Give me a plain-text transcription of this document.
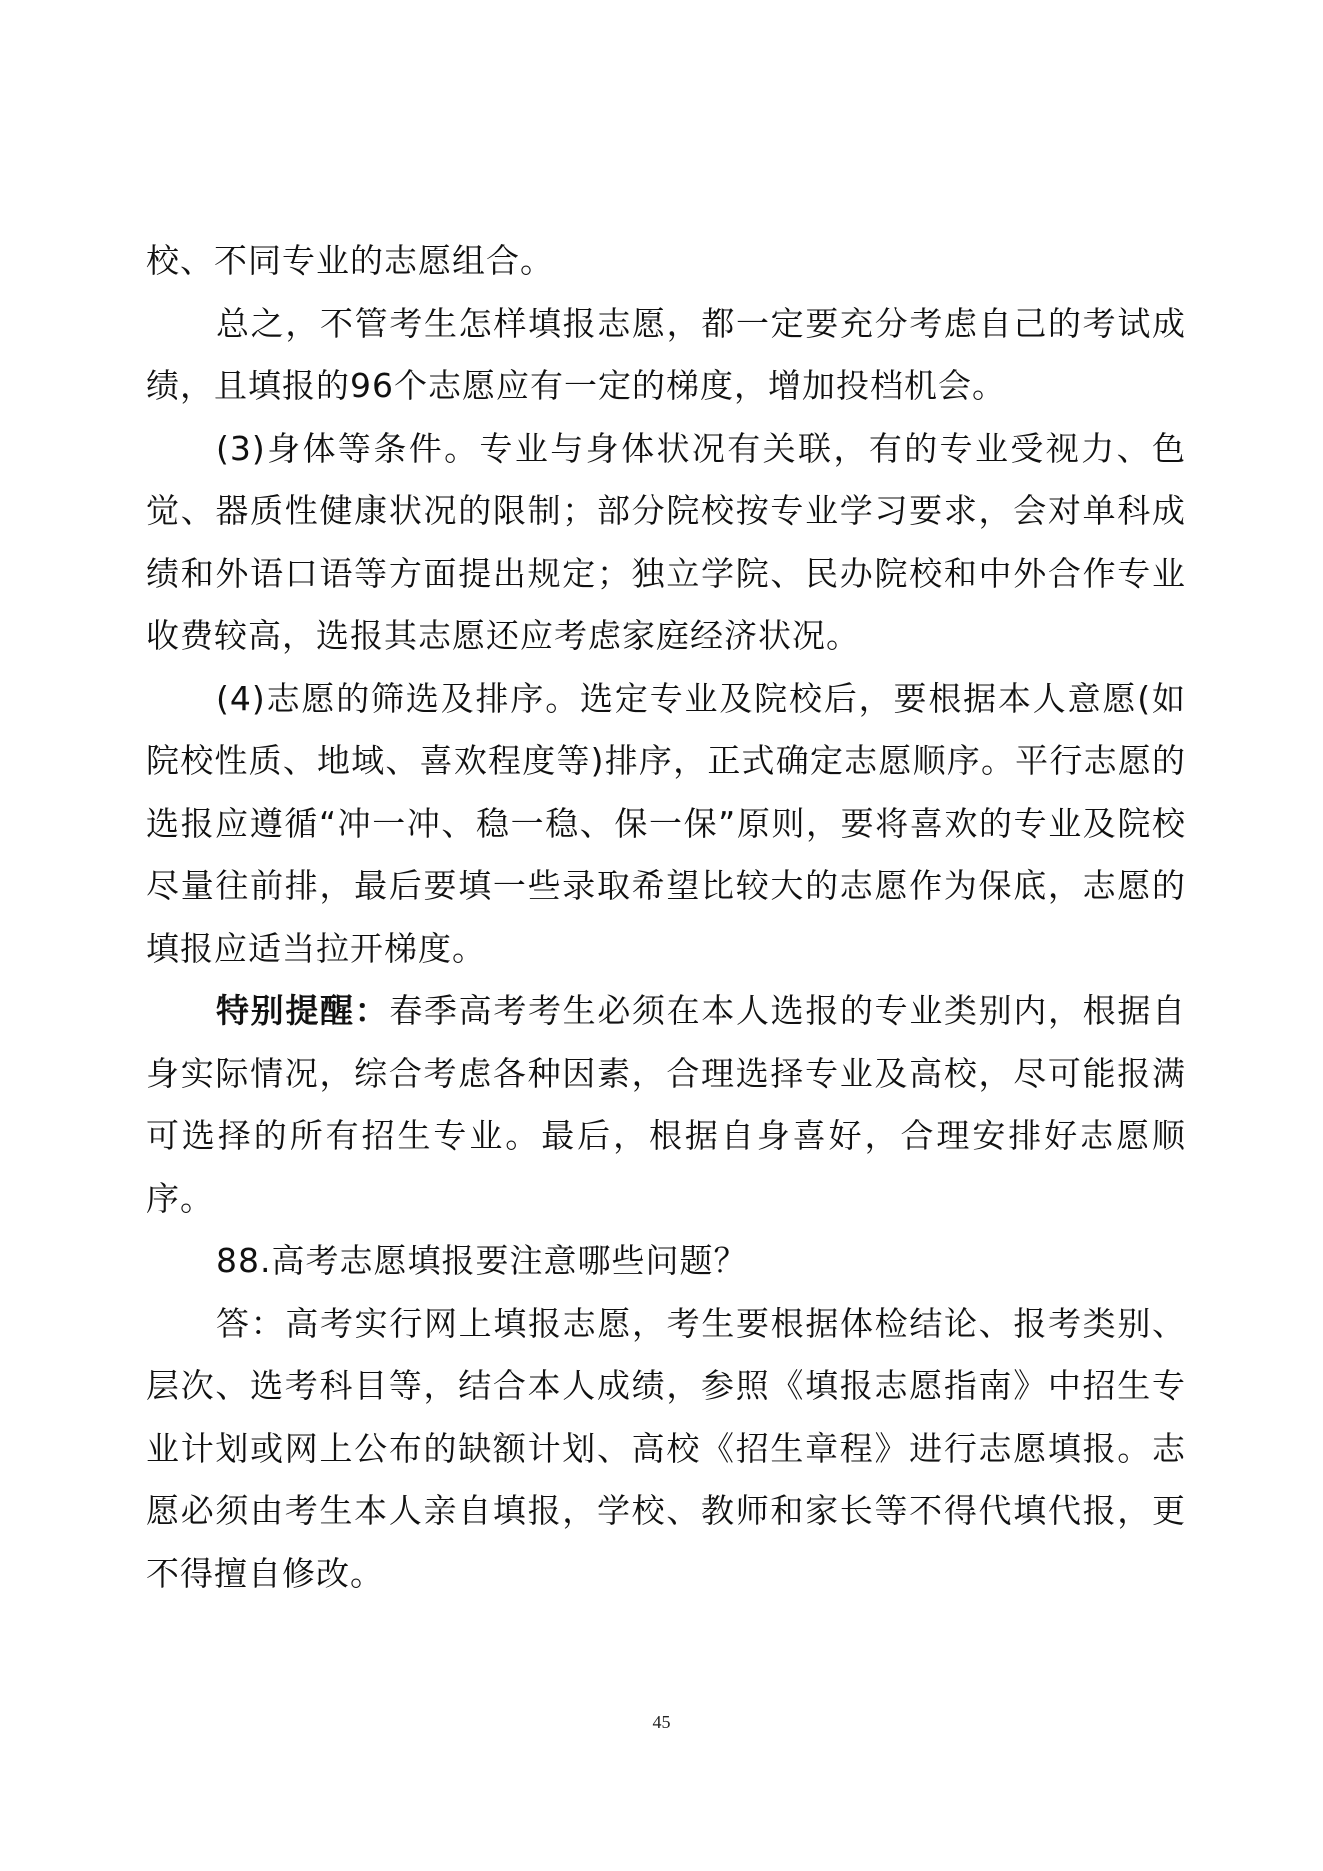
校、不同专业的志愿组合。

总之，不管考生怎样填报志愿，都一定要充分考虑自己的考试成绩，且填报的96个志愿应有一定的梯度，增加投档机会。

(3)身体等条件。专业与身体状况有关联，有的专业受视力、色觉、器质性健康状况的限制；部分院校按专业学习要求，会对单科成绩和外语口语等方面提出规定；独立学院、民办院校和中外合作专业收费较高，选报其志愿还应考虑家庭经济状况。

(4)志愿的筛选及排序。选定专业及院校后，要根据本人意愿(如院校性质、地域、喜欢程度等)排序，正式确定志愿顺序。平行志愿的选报应遵循“冲一冲、稳一稳、保一保”原则，要将喜欢的专业及院校尽量往前排，最后要填一些录取希望比较大的志愿作为保底，志愿的填报应适当拉开梯度。

特别提醒：春季高考考生必须在本人选报的专业类别内，根据自身实际情况，综合考虑各种因素，合理选择专业及高校，尽可能报满可选择的所有招生专业。最后，根据自身喜好，合理安排好志愿顺序。

88.高考志愿填报要注意哪些问题？

答：高考实行网上填报志愿，考生要根据体检结论、报考类别、层次、选考科目等，结合本人成绩，参照《填报志愿指南》中招生专业计划或网上公布的缺额计划、高校《招生章程》进行志愿填报。志愿必须由考生本人亲自填报，学校、教师和家长等不得代填代报，更不得擅自修改。

45
